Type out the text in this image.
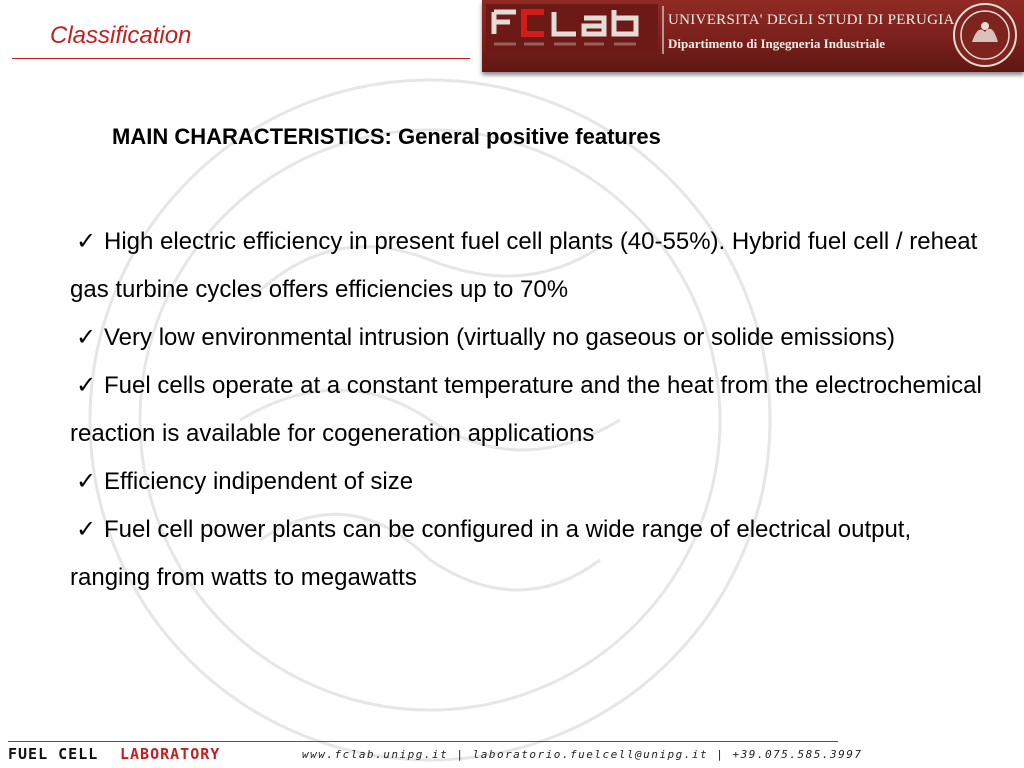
Classification
UNIVERSITA' DEGLI STUDI DI PERUGIA
Dipartimento di Ingegneria Industriale
MAIN CHARACTERISTICS: General positive features

✓ High electric efficiency in present fuel cell plants (40-55%). Hybrid fuel cell / reheat gas turbine cycles offers efficiencies up to 70%

✓ Very low environmental intrusion (virtually no gaseous or solide emissions)

✓ Fuel cells operate at a constant temperature and the heat from the electrochemical reaction is available for cogeneration applications

✓ Efficiency indipendent of size

✓ Fuel cell power plants can be configured in a wide range of electrical output, ranging from watts to megawatts

FUEL CELL LABORATORY	www.fclab.unipg.it | laboratorio.fuelcell@unipg.it | +39.075.585.3997
